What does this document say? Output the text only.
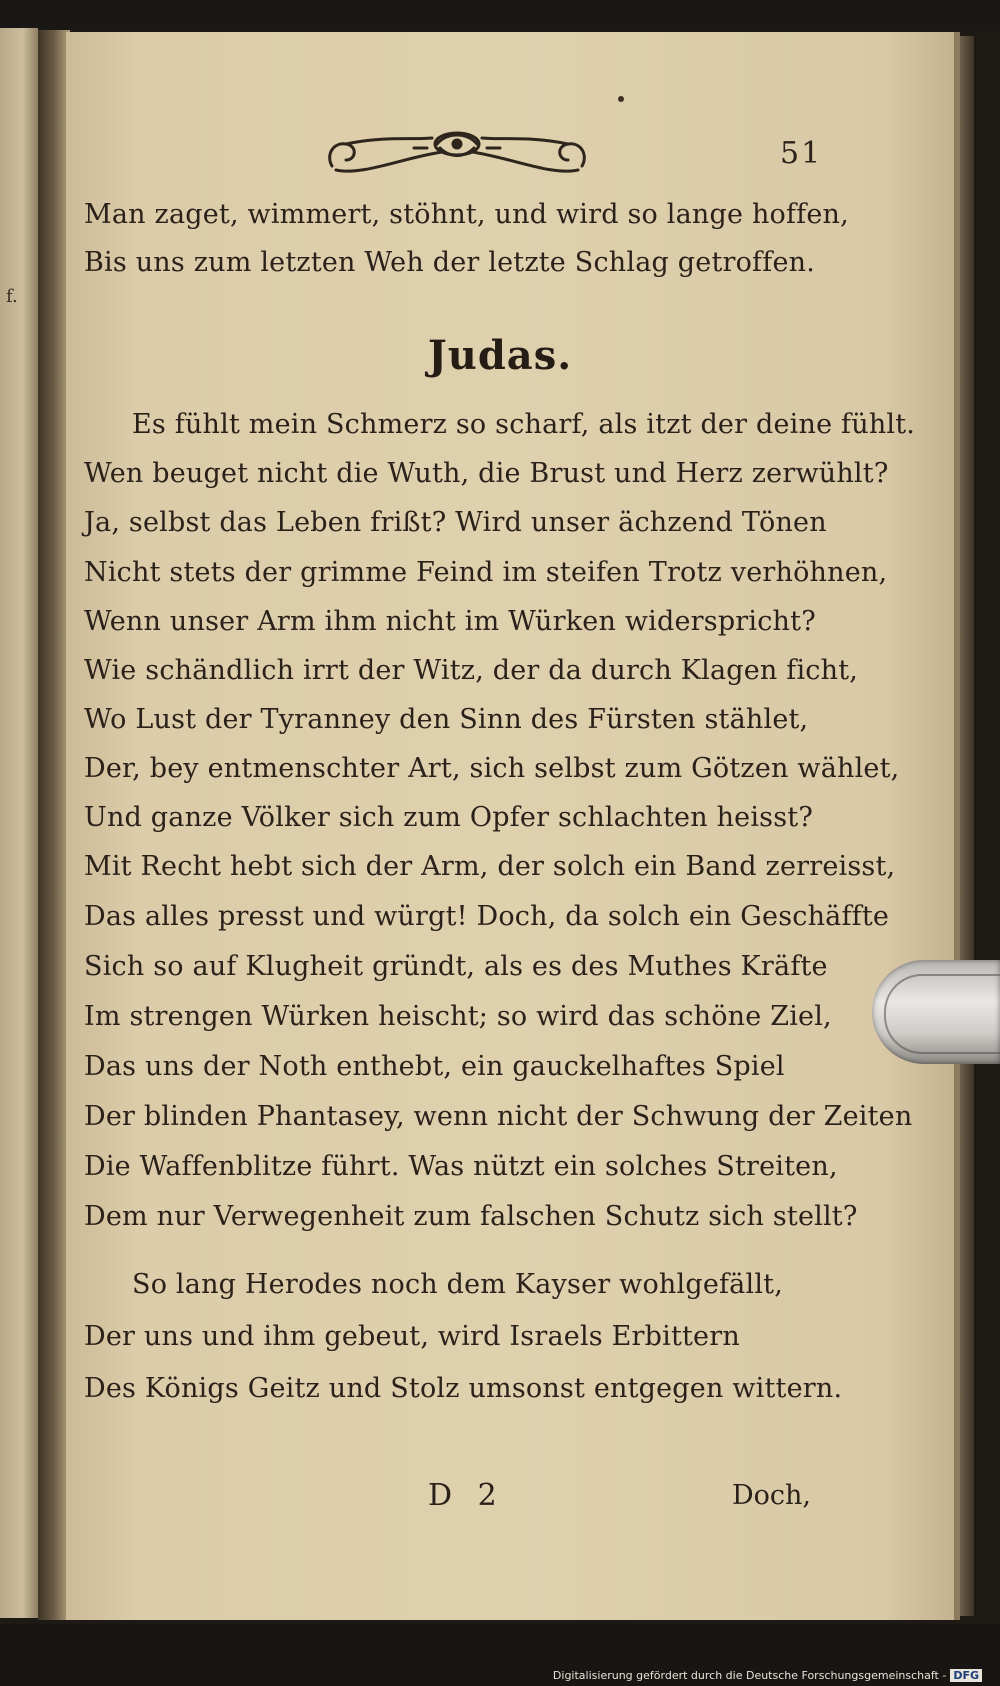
f.
51
Man zaget, wimmert, stöhnt, und wird so lange hoffen,
Bis uns zum letzten Weh der letzte Schlag getroffen.
Judas.
Es fühlt mein Schmerz so scharf, als itzt der deine fühlt.
Wen beuget nicht die Wuth, die Brust und Herz zerwühlt?
Ja, selbst das Leben frißt? Wird unser ächzend Tönen
Nicht stets der grimme Feind im steifen Trotz verhöhnen,
Wenn unser Arm ihm nicht im Würken widerspricht?
Wie schändlich irrt der Witz, der da durch Klagen ficht,
Wo Lust der Tyranney den Sinn des Fürsten stählet,
Der, bey entmenschter Art, sich selbst zum Götzen wählet,
Und ganze Völker sich zum Opfer schlachten heisst?
Mit Recht hebt sich der Arm, der solch ein Band zerreisst,
Das alles presst und würgt! Doch, da solch ein Geschäffte
Sich so auf Klugheit gründt, als es des Muthes Kräfte
Im strengen Würken heischt; so wird das schöne Ziel,
Das uns der Noth enthebt, ein gauckelhaftes Spiel
Der blinden Phantasey, wenn nicht der Schwung der Zeiten
Die Waffenblitze führt. Was nützt ein solches Streiten,
Dem nur Verwegenheit zum falschen Schutz sich stellt?
So lang Herodes noch dem Kayser wohlgefällt,
Der uns und ihm gebeut, wird Israels Erbittern
Des Königs Geitz und Stolz umsonst entgegen wittern.
D 2	Doch,
Digitalisierung gefördert durch die Deutsche Forschungsgemeinschaft - DFG
